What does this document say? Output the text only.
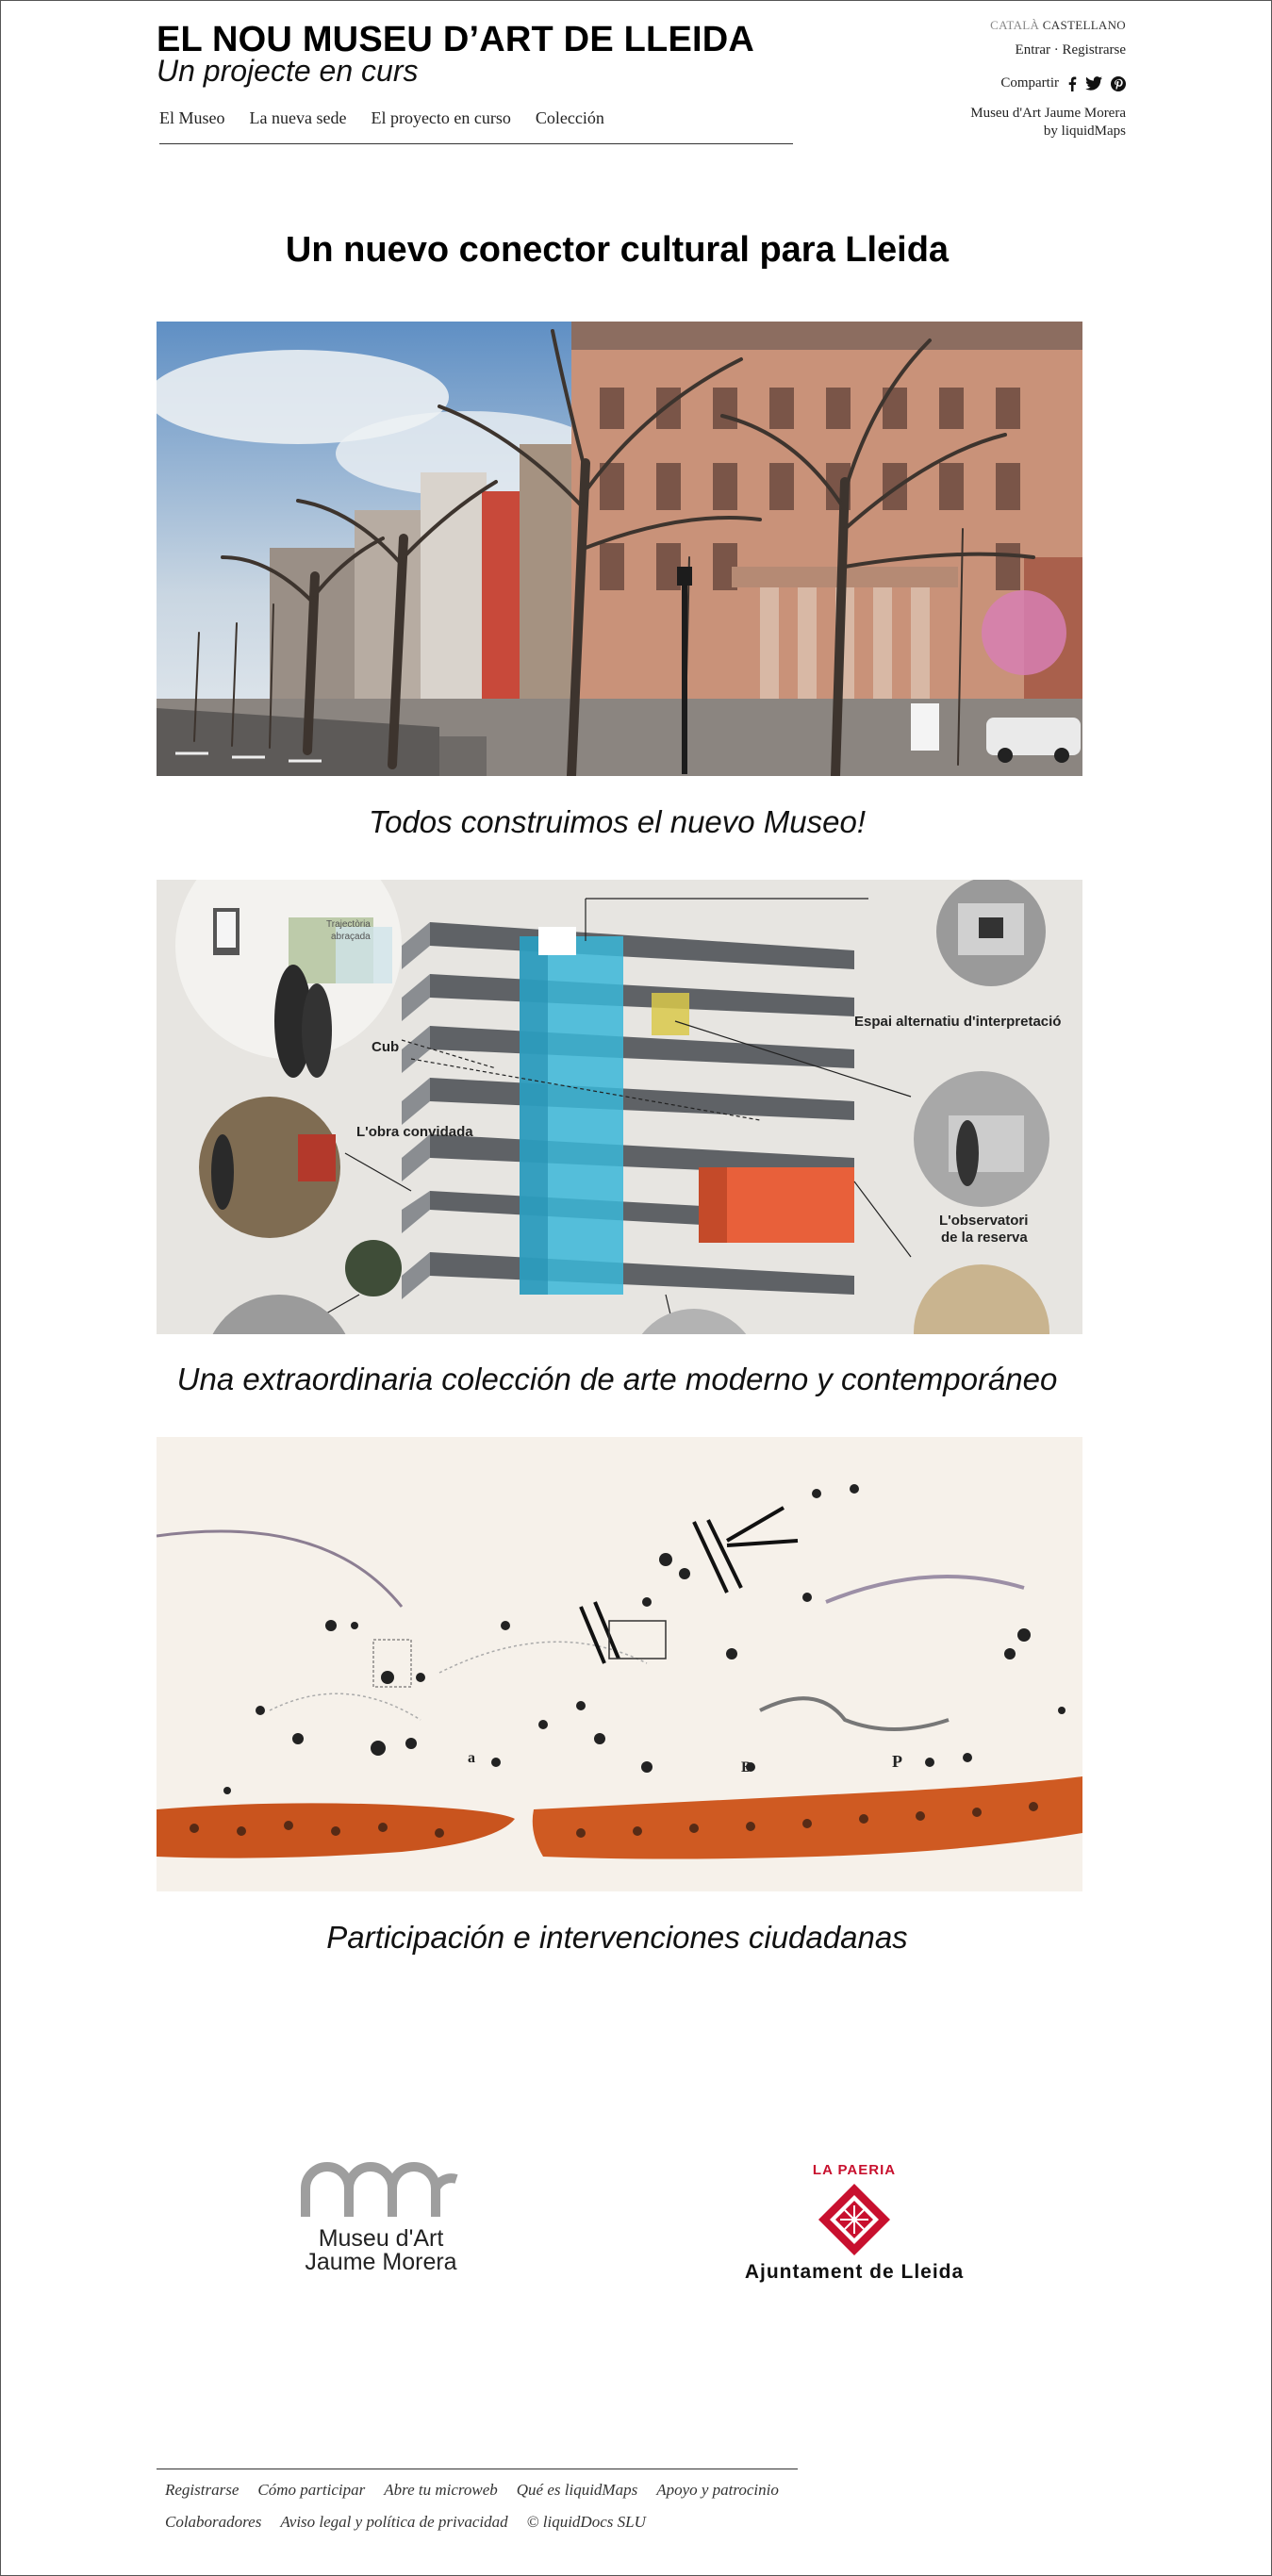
EL NOU MUSEU D’ART DE LLEIDA
Un projecte en curs
El Museo La nueva sede El proyecto en curso Colección
CATALÀ CASTELLANO
Entrar · Registrarse
Compartir
Museu d'Art Jaume Morera
by liquidMaps
Un nuevo conector cultural para Lleida
Todos construimos el nuevo Museo!
Trajectòria
abraçada
Cub
L'obra convidada
Espai alternatiu d'interpretació
L'observatori
de la reserva
Una extraordinaria colección de arte moderno y contemporáneo
a
B	P
Participación e intervenciones ciudadanas
Museu d'Art
Jaume Morera
LA PAERIA
Ajuntament de Lleida
Registrarse Cómo participar Abre tu microweb Qué es liquidMaps Apoyo y patrocinio
Colaboradores Aviso legal y política de privacidad © liquidDocs SLU
